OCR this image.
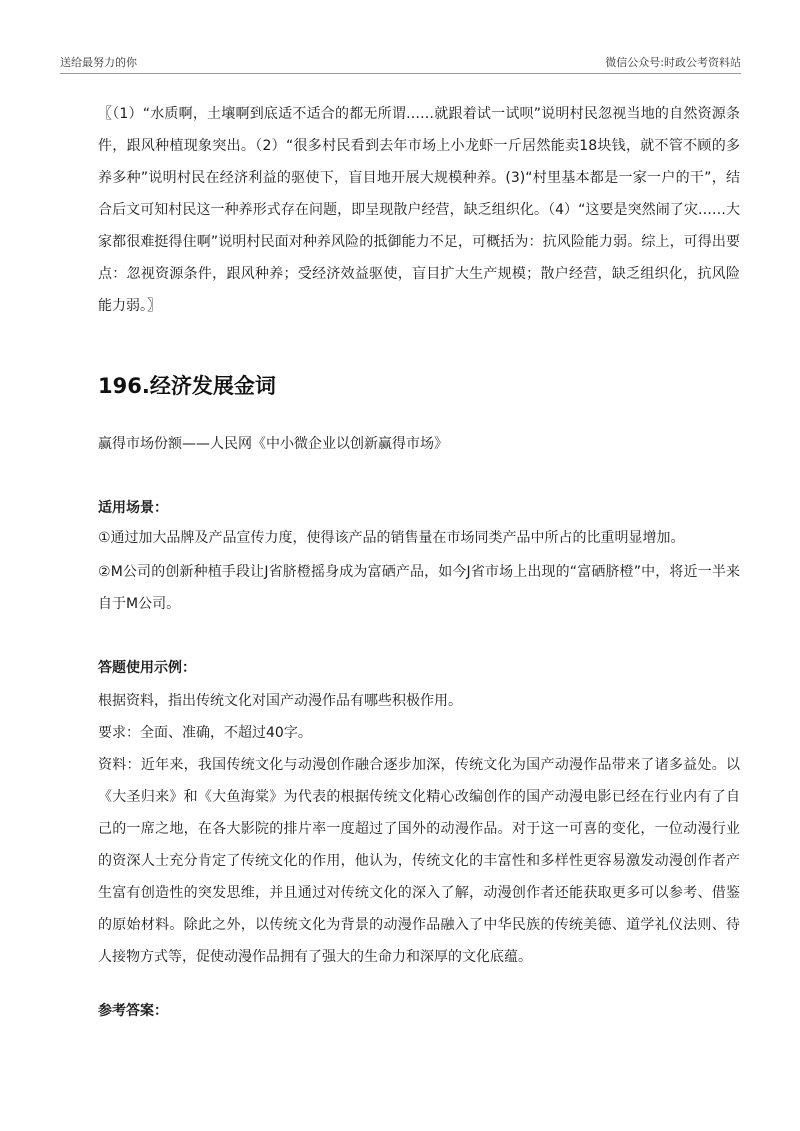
送给最努力的你	微信公众号:时政公考资料站

〖（1）“水质啊，土壤啊到底适不适合的都无所谓……就跟着试一试呗”说明村民忽视当地的自然资源条件，跟风种植现象突出。（2）“很多村民看到去年市场上小龙虾一斤居然能卖18块钱，就不管不顾的多养多种”说明村民在经济利益的驱使下，盲目地开展大规模种养。(3)“村里基本都是一家一户的干”，结合后文可知村民这一种养形式存在问题，即呈现散户经营，缺乏组织化。（4）“这要是突然闹了灾……大家都很难挺得住啊”说明村民面对种养风险的抵御能力不足，可概括为：抗风险能力弱。综上，可得出要点：忽视资源条件，跟风种养；受经济效益驱使，盲目扩大生产规模；散户经营，缺乏组织化，抗风险能力弱。〗

196.经济发展金词

赢得市场份额——人民网《中小微企业以创新赢得市场》

适用场景：

①通过加大品牌及产品宣传力度，使得该产品的销售量在市场同类产品中所占的比重明显增加。

②M公司的创新种植手段让J省脐橙摇身成为富硒产品，如今J省市场上出现的“富硒脐橙”中，将近一半来自于M公司。

答题使用示例：

根据资料，指出传统文化对国产动漫作品有哪些积极作用。

要求：全面、准确，不超过40字。

资料：近年来，我国传统文化与动漫创作融合逐步加深，传统文化为国产动漫作品带来了诸多益处。以《大圣归来》和《大鱼海棠》为代表的根据传统文化精心改编创作的国产动漫电影已经在行业内有了自己的一席之地，在各大影院的排片率一度超过了国外的动漫作品。对于这一可喜的变化，一位动漫行业的资深人士充分肯定了传统文化的作用，他认为，传统文化的丰富性和多样性更容易激发动漫创作者产生富有创造性的突发思维，并且通过对传统文化的深入了解，动漫创作者还能获取更多可以参考、借鉴的原始材料。除此之外，以传统文化为背景的动漫作品融入了中华民族的传统美德、道学礼仪法则、待人接物方式等，促使动漫作品拥有了强大的生命力和深厚的文化底蕴。

参考答案：
